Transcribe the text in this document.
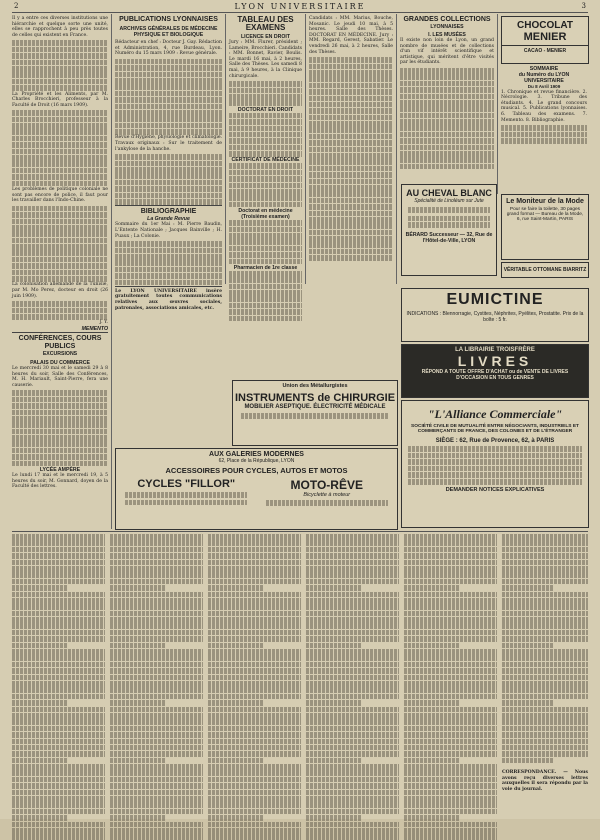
2	LYON UNIVERSITAIRE	3

Il y a entre ces diverses institutions une hiérarchie et quelque sorte une unité, elles se rapprochent à peu près toutes de celles qui existent en France.

La Propriété et les Aliments, par M. Charles Brocchieri, professeur à la Faculté de Droit (16 mars 1909).

Les problèmes de politique coloniale ne sont pas encore de police, il faut pour les travailler dans l'Indo-Chine.

La colonisation allemande de la Tunisie, par M. Mo Perez, docteur en droit (26 juin 1909).

J. Y.
MEMENTO
CONFÉRENCES, COURS PUBLICS
EXCURSIONS
PALAIS DU COMMERCE

Le mercredi 30 mai et le samedi 29 à 8 heures du soir, Salle des Conférences, M. H. Mariault, Saint-Pierre, fera une causerie.

LYCÉE AMPÈRE

Le lundi 17 mai et le mercredi 19, à 5 heures du soir, M. Gonnard, doyen de la Faculté des lettres.

PUBLICATIONS LYONNAISES
ARCHIVES GÉNÉRALES DE MÉDECINE PHYSIQUE ET BIOLOGIQUE

Rédacteur en chef : Docteur J. Gay. Rédaction et Administration, 4, rue Burdeau, Lyon. Numéro du 15 mars 1909 : Revue générale.

Revue d'Hygiène, physiologie et climatologie. Travaux originaux : Sur le traitement de l'ankylose de la hanche.

BIBLIOGRAPHIE
La Grande Revue

Sommaire du 1er Mai : M. Pierre Baudin, L'Entente Nationale ; Jacques Bainville ; H. Puaux ; La Colonie.

Le LYON UNIVERSITAIRE insère gratuitement toutes communications relatives aux œuvres sociales, patronales, associations amicales, etc.

TABLEAU DES EXAMENS
LICENCE EN DROIT

Jury : MM. Flurer, président ; Lameire, Brocchieri. Candidats : MM. Bonnet, Ravier, Boulis. Le mardi 16 mai, à 2 heures, Salle des Thèses. Les samedi 8 mai, à 9 heures, à la Clinique chirurgicale.

DOCTORAT EN DROIT
CERTIFICAT DE MÉDECINE
Doctorat en médecine (Troisième examen)
Pharmacien de 1re classe

Candidats : MM. Marius, Bouche, Mosanic. Le jeudi 10 mai, à 5 heures. Salle des Thèses. DOCTORAT EN MÉDECINE. Jury : MM. Regard, Gerest, Sabatier. Le vendredi 26 mai, à 2 heures, Salle des Thèses.

GRANDES COLLECTIONS
LYONNAISES
I. LES MUSÉES

Il existe non loin de Lyon, un grand nombre de musées et de collections d'un vif intérêt scientifique et artistique, qui méritent d'être visités par les étudiants.

CHOCOLAT
MENIER
CACAO - MENIER
SOMMAIRE
du Numéro du LYON UNIVERSITAIRE
Du 8 Avril 1909

1. Chronique et revue financière. 2. Nécrologie. 3. Tribune des étudiants. 4. Le grand concours musical. 5. Publications lyonnaises. 6. Tableau des examens. 7. Memento. 8. Bibliographie.

AU CHEVAL BLANC
Spécialité de Linoléum sur Jute
BÉRARD Successeur — 32, Rue de l'Hôtel-de-Ville, LYON
Le Moniteur de la Mode
Pour se faire la toilette, 30 pages grand format — Bureau de la Mode, 6, rue Saint-Martin, PARIS
VÉRITABLE OTTOMANE BIARRITZ
EUMICTINE
INDICATIONS : Blennorragie, Cystites, Néphrites, Pyélites, Prostatite. Prix de la boîte : 5 fr.
LA LIBRAIRIE TROISFRÈRE
LIVRES
RÉPOND A TOUTE OFFRE D'ACHAT ou de VENTE DE LIVRES D'OCCASION EN TOUS GENRES
Union des Métallurgistes
INSTRUMENTS de CHIRURGIE
MOBILIER ASEPTIQUE. ÉLECTRICITÉ MÉDICALE	"L'Alliance Commerciale"
SOCIÉTÉ CIVILE DE MUTUALITÉ ENTRE NÉGOCIANTS, INDUSTRIELS ET COMMERÇANTS DE FRANCE, DES COLONIES ET DE L'ÉTRANGER
SIÈGE : 62, Rue de Provence, 62, à PARIS
DEMANDER NOTICES EXPLICATIVES
AUX GALERIES MODERNES
62, Place de la République, LYON
ACCESSOIRES POUR CYCLES, AUTOS ET MOTOS
CYCLES "FILLOR"	MOTO-RÊVE
Bicyclette à moteur

CORRESPONDANCE. — Nous avons reçu diverses lettres auxquelles il sera répondu par la voie du journal.
